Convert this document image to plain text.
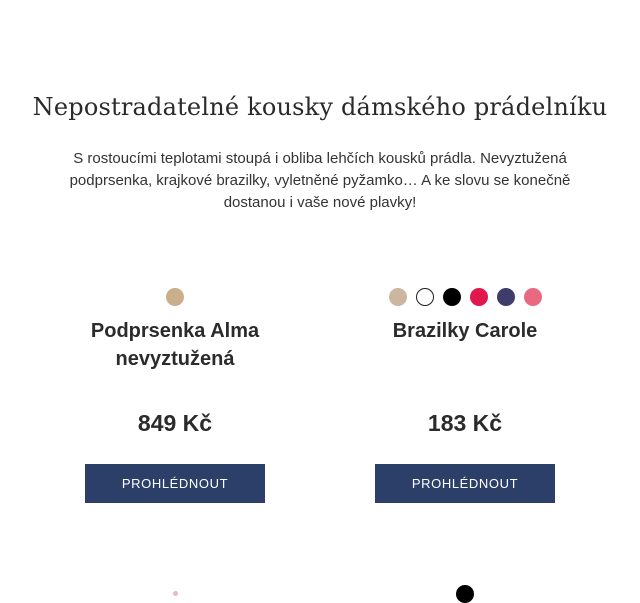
Nepostradatelné kousky dámského prádelníku

S rostoucími teplotami stoupá i obliba lehčích kousků prádla. Nevyztužená podprsenka, krajkové brazilky, vyletněné pyžamko… A ke slovu se konečně dostanou i vaše nové plavky!

Podprsenka Alma nevyztužená
849 Kč
PROHLÉDNOUT
Brazilky Carole
183 Kč
PROHLÉDNOUT
